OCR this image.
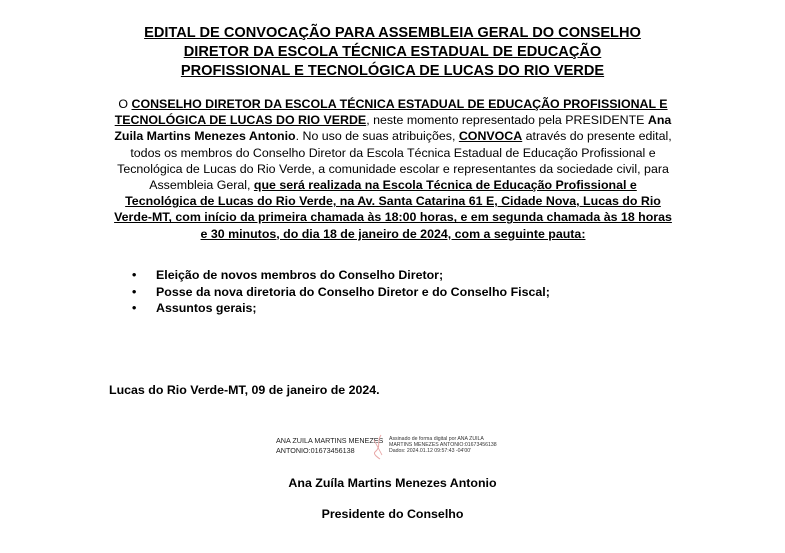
EDITAL DE CONVOCAÇÃO PARA ASSEMBLEIA GERAL DO CONSELHO
DIRETOR DA ESCOLA TÉCNICA ESTADUAL DE EDUCAÇÃO
PROFISSIONAL E TECNOLÓGICA DE LUCAS DO RIO VERDE

O CONSELHO DIRETOR DA ESCOLA TÉCNICA ESTADUAL DE EDUCAÇÃO PROFISSIONAL E TECNOLÓGICA DE LUCAS DO RIO VERDE, neste momento representado pela PRESIDENTE Ana Zuila Martins Menezes Antonio. No uso de suas atribuições, CONVOCA através do presente edital, todos os membros do Conselho Diretor da Escola Técnica Estadual de Educação Profissional e Tecnológica de Lucas do Rio Verde, a comunidade escolar e representantes da sociedade civil, para Assembleia Geral, que será realizada na Escola Técnica de Educação Profissional e Tecnológica de Lucas do Rio Verde, na Av. Santa Catarina 61 E, Cidade Nova, Lucas do Rio Verde-MT, com início da primeira chamada às 18:00 horas, e em segunda chamada às 18 horas e 30 minutos, do dia 18 de janeiro de 2024, com a seguinte pauta:

• Eleição de novos membros do Conselho Diretor;
• Posse da nova diretoria do Conselho Diretor e do Conselho Fiscal;
• Assuntos gerais;

Lucas do Rio Verde-MT, 09 de janeiro de 2024.

ANA ZUILA MARTINS MENEZES
ANTONIO:01673456138
Assinado de forma digital por ANA ZUILA
MARTINS MENEZES ANTONIO:01673456138
Dados: 2024.01.12 09:57:43 -04'00'

Ana Zuíla Martins Menezes Antonio

Presidente do Conselho
